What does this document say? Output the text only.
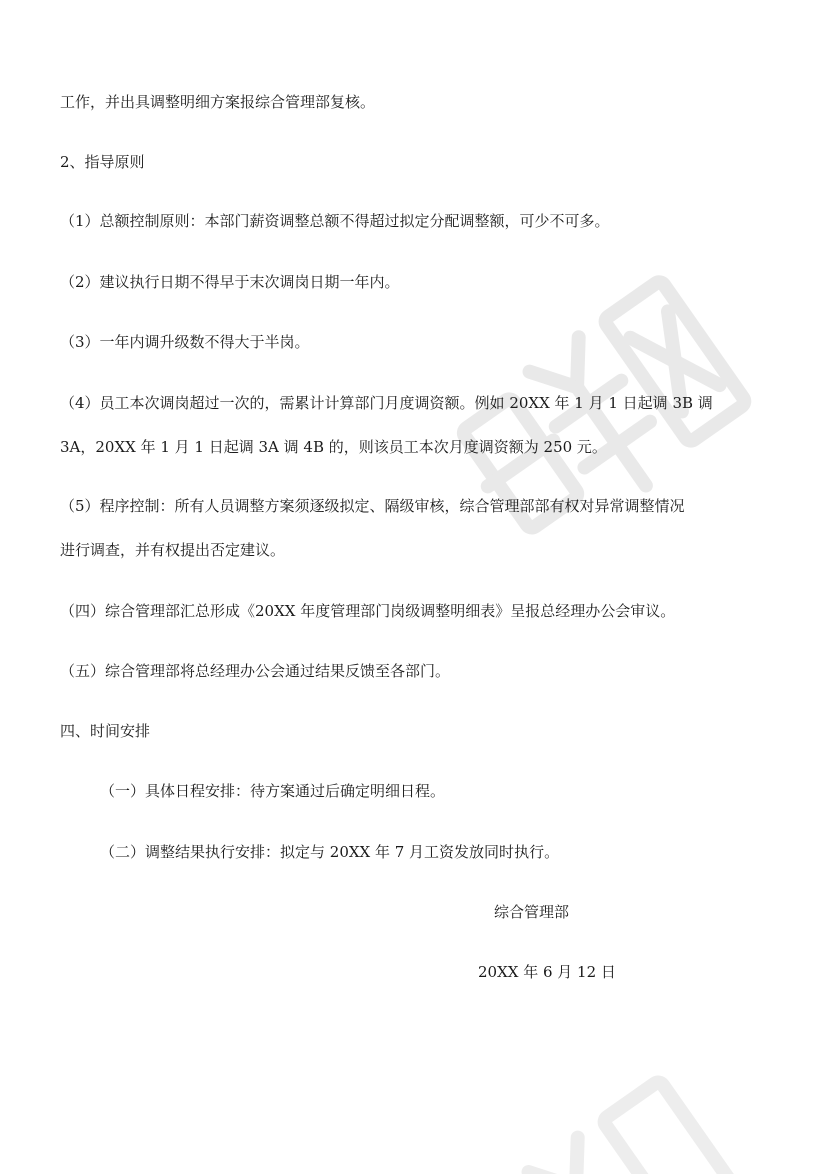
工作，并出具调整明细方案报综合管理部复核。

2、指导原则

（1）总额控制原则：本部门薪资调整总额不得超过拟定分配调整额，可少不可多。

（2）建议执行日期不得早于末次调岗日期一年内。

（3）一年内调升级数不得大于半岗。

（4）员工本次调岗超过一次的，需累计计算部门月度调资额。例如 20XX 年 1 月 1 日起调 3B 调

3A，20XX 年 1 月 1 日起调 3A 调 4B 的，则该员工本次月度调资额为 250 元。

（5）程序控制：所有人员调整方案须逐级拟定、隔级审核，综合管理部部有权对异常调整情况

进行调查，并有权提出否定建议。

（四）综合管理部汇总形成《20XX 年度管理部门岗级调整明细表》呈报总经理办公会审议。

（五）综合管理部将总经理办公会通过结果反馈至各部门。

四、时间安排

（一）具体日程安排：待方案通过后确定明细日程。

（二）调整结果执行安排：拟定与 20XX 年 7 月工资发放同时执行。

综合管理部

20XX 年 6 月 12 日
